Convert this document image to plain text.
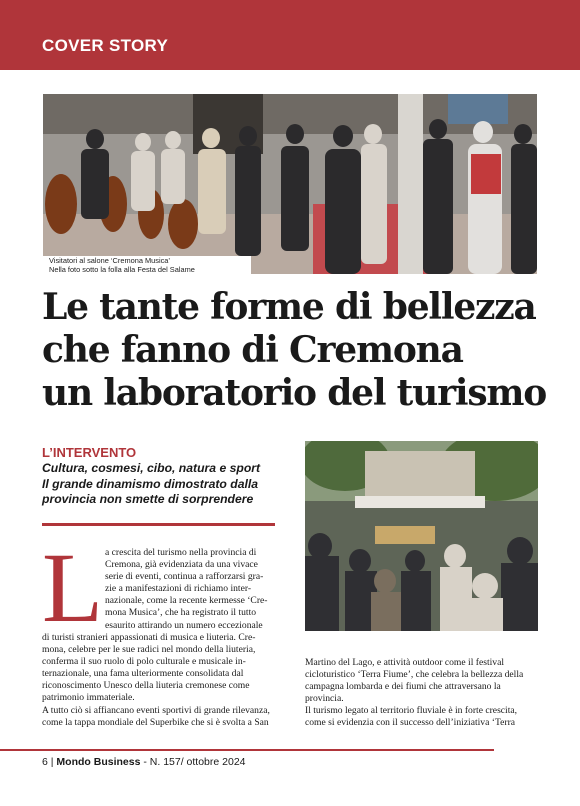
COVER STORY
Visitatori al salone ‘Cremona Musica’
Nella foto sotto la folla alla Festa del Salame
Le tante forme di bellezza
che fanno di Cremona
un laboratorio del turismo
L’INTERVENTO
Cultura, cosmesi, cibo, natura e sport
Il grande dinamismo dimostrato dalla
provincia non smette di sorprendere
L a crescita del turismo nella provincia di
Cremona, già evidenziata da una vivace
serie di eventi, continua a rafforzarsi gra-
zie a manifestazioni di richiamo inter-
nazionale, come la recente kermesse ‘Cre-
mona Musica’, che ha registrato il tutto
esaurito attirando un numero eccezionale
di turisti stranieri appassionati di musica e liuteria. Cre-
mona, celebre per le sue radici nel mondo della liuteria,
conferma il suo ruolo di polo culturale e musicale in-
ternazionale, una fama ulteriormente consolidata dal
riconoscimento Unesco della liuteria cremonese come
patrimonio immateriale.
A tutto ciò si affiancano eventi sportivi di grande rilevanza,
come la tappa mondiale del Superbike che si è svolta a San
Martino del Lago, e attività outdoor come il festival
cicloturistico ‘Terra Fiume’, che celebra la bellezza della
campagna lombarda e dei fiumi che attraversano la
provincia.
Il turismo legato al territorio fluviale è in forte crescita,
come si evidenzia con il successo dell’iniziativa ‘Terra
6 | Mondo Business - N. 157/ ottobre 2024
